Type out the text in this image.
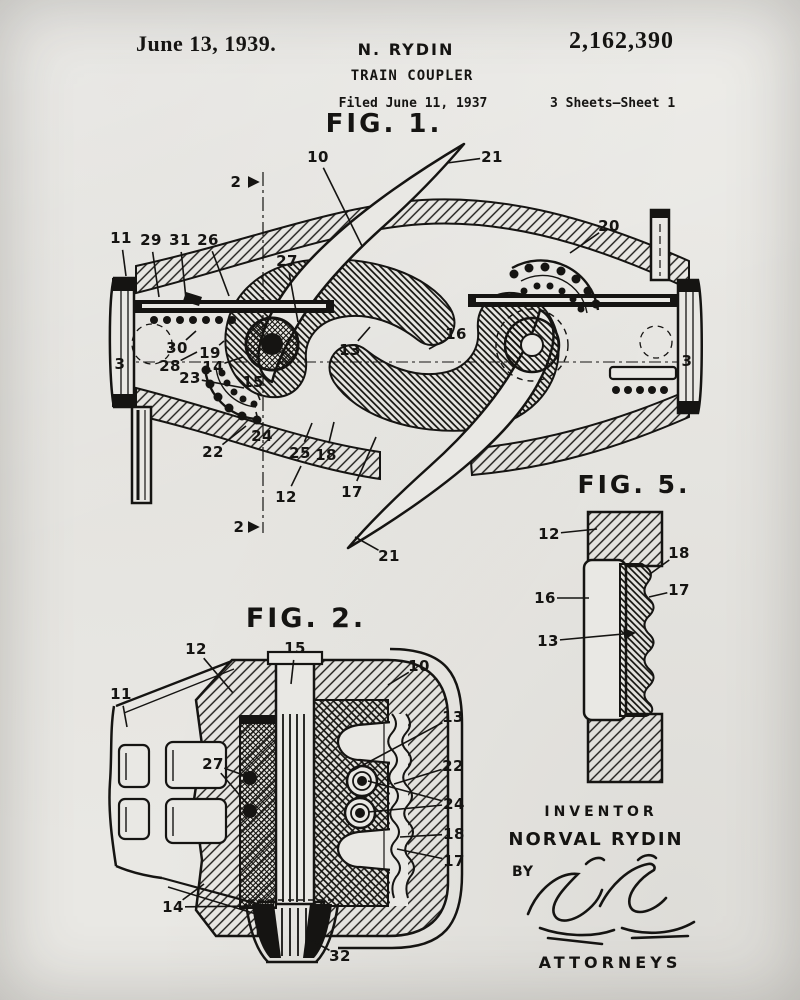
June 13, 1939.	N. RYDIN	2,162,390
TRAIN COUPLER
Filed June 11, 1937	3 Sheets—Sheet 1
FIG. 1.
FIG. 2.
FIG. 5.
10	21
2
20
11 29 31 26
27
13
16
30
28
19
14
23	15
3	3
24
22	25 18
12	17
2
21
12	15
10
11
13
27	22
24
18
17
14
32
12
18
16	17
13
INVENTOR
NORVAL RYDIN
BY
ATTORNEYS
